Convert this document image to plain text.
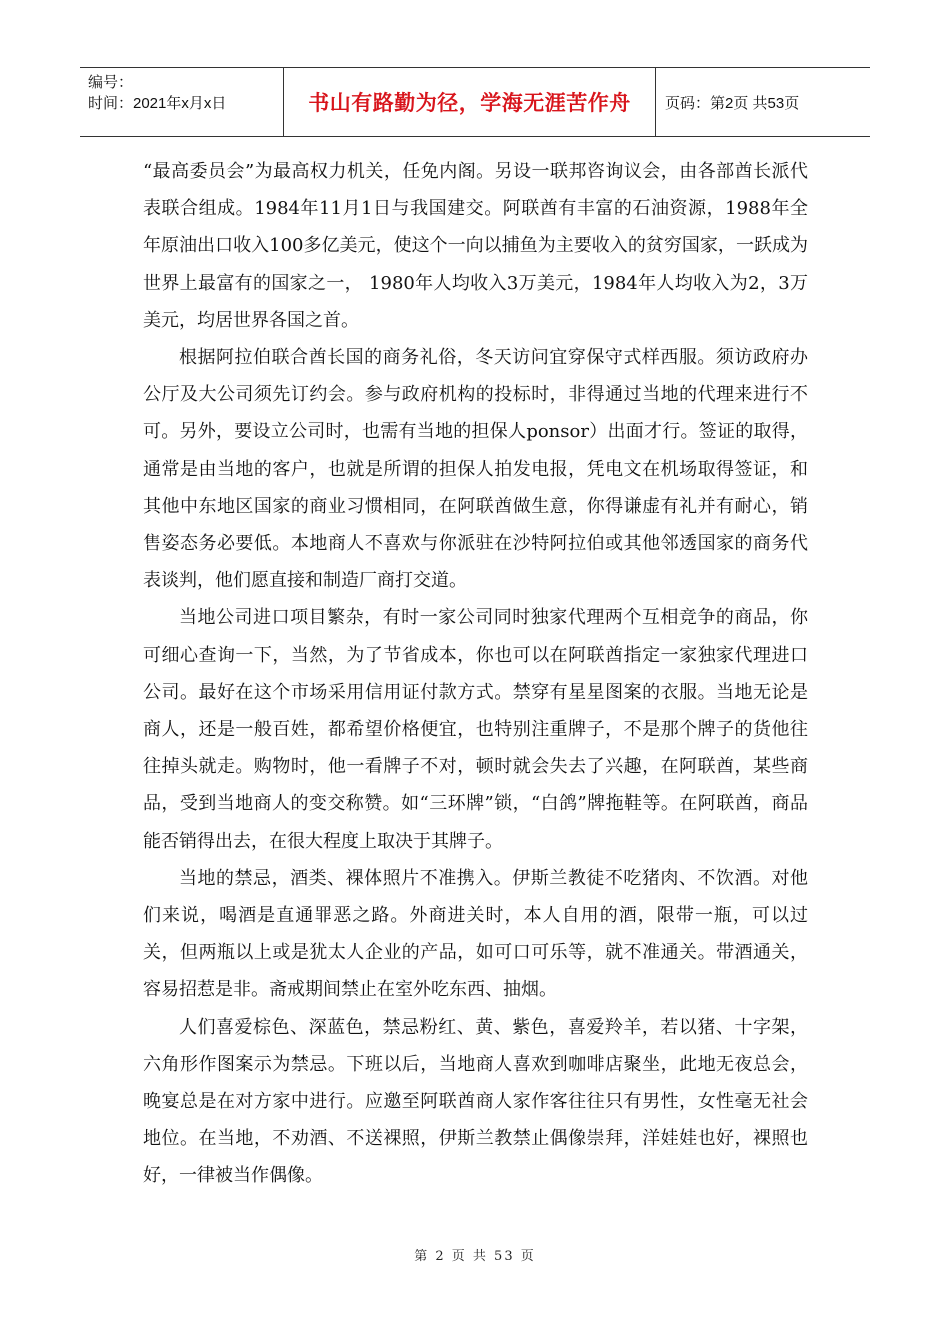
编号：
时间：2021年x月x日	书山有路勤为径，学海无涯苦作舟 页码：第2页 共53页

“最高委员会”为最高权力机关，任免内阁。另设一联邦咨询议会，由各部酋长派代表联合组成。1984年11月1日与我国建交。阿联酋有丰富的石油资源，1988年全年原油出口收入100多亿美元，使这个一向以捕鱼为主要收入的贫穷国家，一跃成为世界上最富有的国家之一， 1980年人均收入3万美元，1984年人均收入为2，3万美元，均居世界各国之首。

根据阿拉伯联合酋长国的商务礼俗，冬天访问宜穿保守式样西服。须访政府办公厅及大公司须先订约会。参与政府机构的投标时，非得通过当地的代理来进行不可。另外，要设立公司时，也需有当地的担保人ponsor）出面才行。签证的取得，通常是由当地的客户，也就是所谓的担保人拍发电报，凭电文在机场取得签证，和其他中东地区国家的商业习惯相同，在阿联酋做生意，你得谦虚有礼并有耐心，销售姿态务必要低。本地商人不喜欢与你派驻在沙特阿拉伯或其他邻透国家的商务代表谈判，他们愿直接和制造厂商打交道。

当地公司进口项目繁杂，有时一家公司同时独家代理两个互相竞争的商品，你可细心查询一下，当然，为了节省成本，你也可以在阿联酋指定一家独家代理进口公司。最好在这个市场采用信用证付款方式。禁穿有星星图案的衣服。当地无论是商人，还是一般百姓，都希望价格便宜，也特别注重牌子，不是那个牌子的货他往往掉头就走。购物时，他一看牌子不对，顿时就会失去了兴趣，在阿联酋，某些商品，受到当地商人的变交称赞。如“三环牌”锁，“白鸽”牌拖鞋等。在阿联酋，商品能否销得出去，在很大程度上取决于其牌子。

当地的禁忌，酒类、裸体照片不准携入。伊斯兰教徒不吃猪肉、不饮酒。对他们来说，喝酒是直通罪恶之路。外商进关时，本人自用的酒，限带一瓶，可以过关，但两瓶以上或是犹太人企业的产品，如可口可乐等，就不准通关。带酒通关，容易招惹是非。斋戒期间禁止在室外吃东西、抽烟。

人们喜爱棕色、深蓝色，禁忌粉红、黄、紫色，喜爱羚羊，若以猪、十字架，六角形作图案示为禁忌。下班以后，当地商人喜欢到咖啡店聚坐，此地无夜总会，晚宴总是在对方家中进行。应邀至阿联酋商人家作客往往只有男性，女性毫无社会地位。在当地，不劝酒、不送裸照，伊斯兰教禁止偶像崇拜，洋娃娃也好，裸照也好，一律被当作偶像。

第 2 页 共 53 页
